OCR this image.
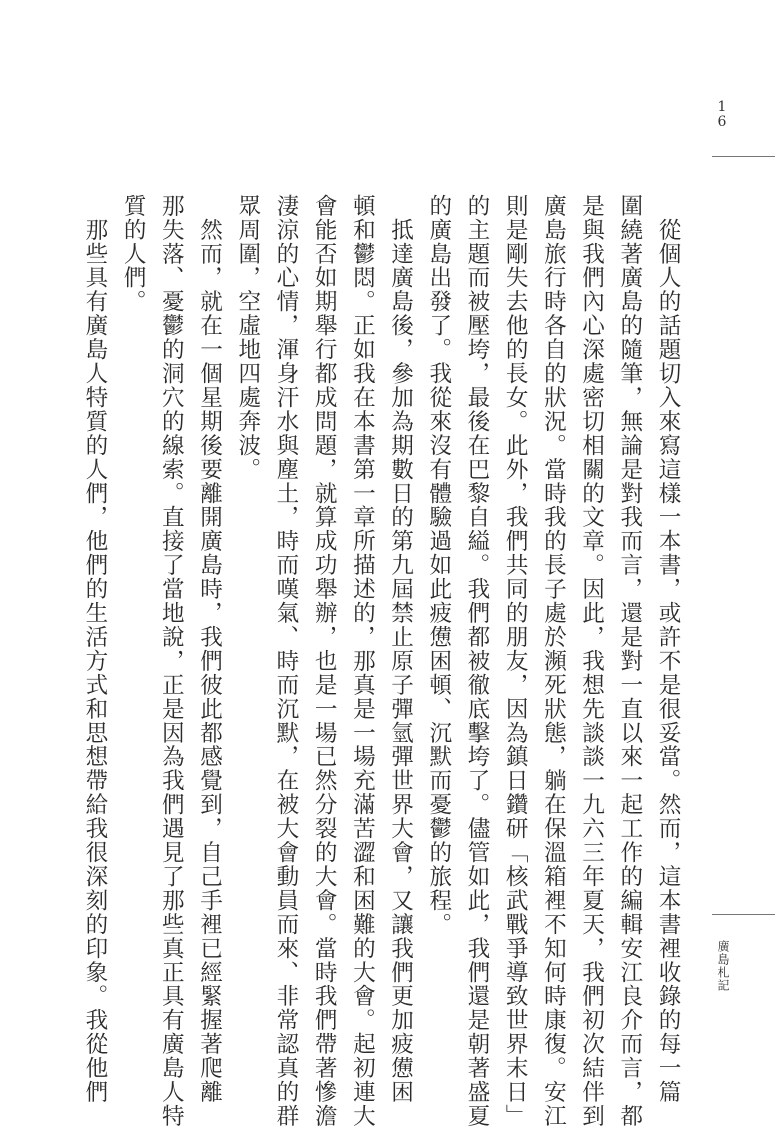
1
6
廣島札記
　從個人的話題切入來寫這樣一本書，或許不是很妥當。然而，這本書裡收錄的每一篇
圍繞著廣島的隨筆，無論是對我而言，還是對一直以來一起工作的編輯安江良介而言，都
是與我們內心深處密切相關的文章。因此，我想先談談一九六三年夏天，我們初次結伴到
廣島旅行時各自的狀況。當時我的長子處於瀕死狀態，躺在保溫箱裡不知何時康復。安江
則是剛失去他的長女。此外，我們共同的朋友，因為鎮日鑽研「核武戰爭導致世界末日」
的主題而被壓垮，最後在巴黎自縊。我們都被徹底擊垮了。儘管如此，我們還是朝著盛夏
的廣島出發了。我從來沒有體驗過如此疲憊困頓、沉默而憂鬱的旅程。
　抵達廣島後，參加為期數日的第九屆禁止原子彈氫彈世界大會，又讓我們更加疲憊困
頓和鬱悶。正如我在本書第一章所描述的，那真是一場充滿苦澀和困難的大會。起初連大
會能否如期舉行都成問題，就算成功舉辦，也是一場已然分裂的大會。當時我們帶著慘澹
淒涼的心情，渾身汗水與塵土，時而嘆氣、時而沉默，在被大會動員而來、非常認真的群
眾周圍，空虛地四處奔波。
　然而，就在一個星期後要離開廣島時，我們彼此都感覺到，自己手裡已經緊握著爬離
那失落、憂鬱的洞穴的線索。直接了當地說，正是因為我們遇見了那些真正具有廣島人特
質的人們。
　那些具有廣島人特質的人們，他們的生活方式和思想帶給我很深刻的印象。我從他們
